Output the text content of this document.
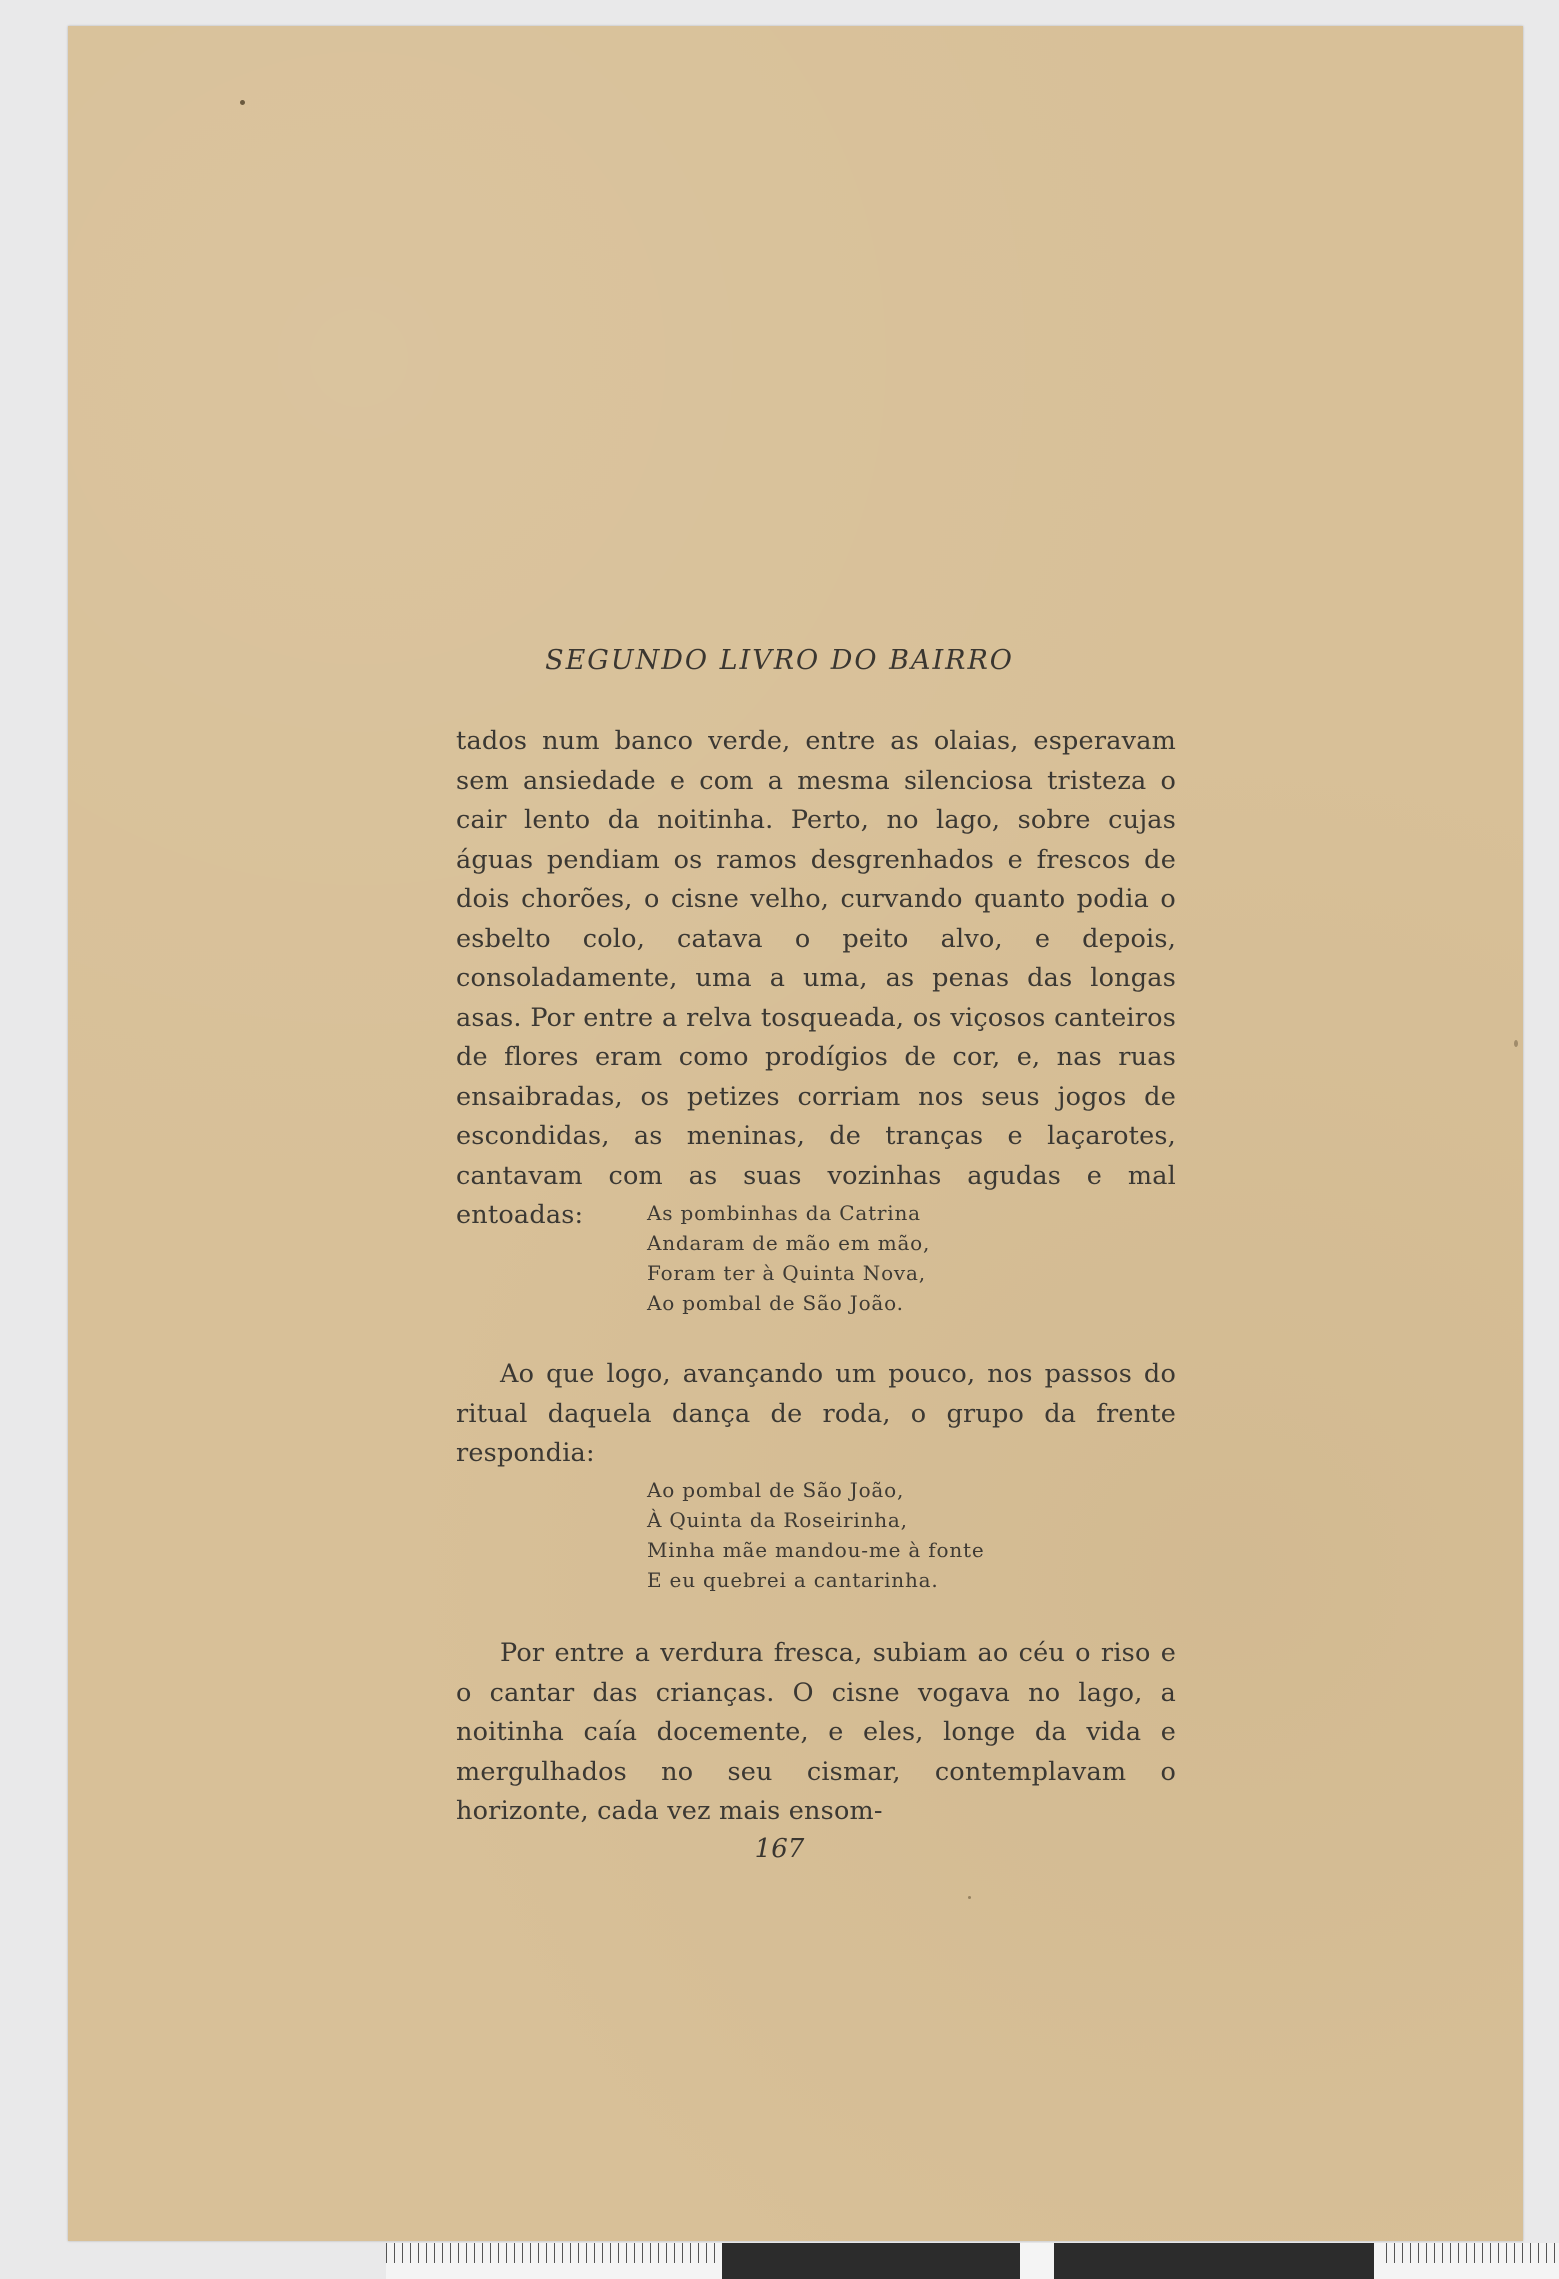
SEGUNDO LIVRO DO BAIRRO

tados num banco verde, entre as olaias, esperavam sem ansiedade e com a mesma silenciosa tristeza o cair lento da noitinha. Perto, no lago, sobre cujas águas pendiam os ramos desgrenhados e frescos de dois chorões, o cisne velho, curvando quanto podia o esbelto colo, catava o peito alvo, e depois, consoladamente, uma a uma, as penas das longas asas. Por entre a relva tosqueada, os viçosos canteiros de flores eram como prodígios de cor, e, nas ruas ensaibradas, os petizes corriam nos seus jogos de escondidas, as meninas, de tranças e laçarotes, cantavam com as suas vozinhas agudas e mal entoadas:	As pombinhas da Catrina
Andaram de mão em mão,
Foram ter à Quinta Nova,
Ao pombal de São João.

Ao que logo, avançando um pouco, nos passos do ritual daquela dança de roda, o grupo da frente respondia:

Ao pombal de São João,
À Quinta da Roseirinha,
Minha mãe mandou-me à fonte
E eu quebrei a cantarinha.

Por entre a verdura fresca, subiam ao céu o riso e o cantar das crianças. O cisne vogava no lago, a noitinha caía docemente, e eles, longe da vida e mergulhados no seu cismar, contemplavam o horizonte, cada vez mais ensom-

167
